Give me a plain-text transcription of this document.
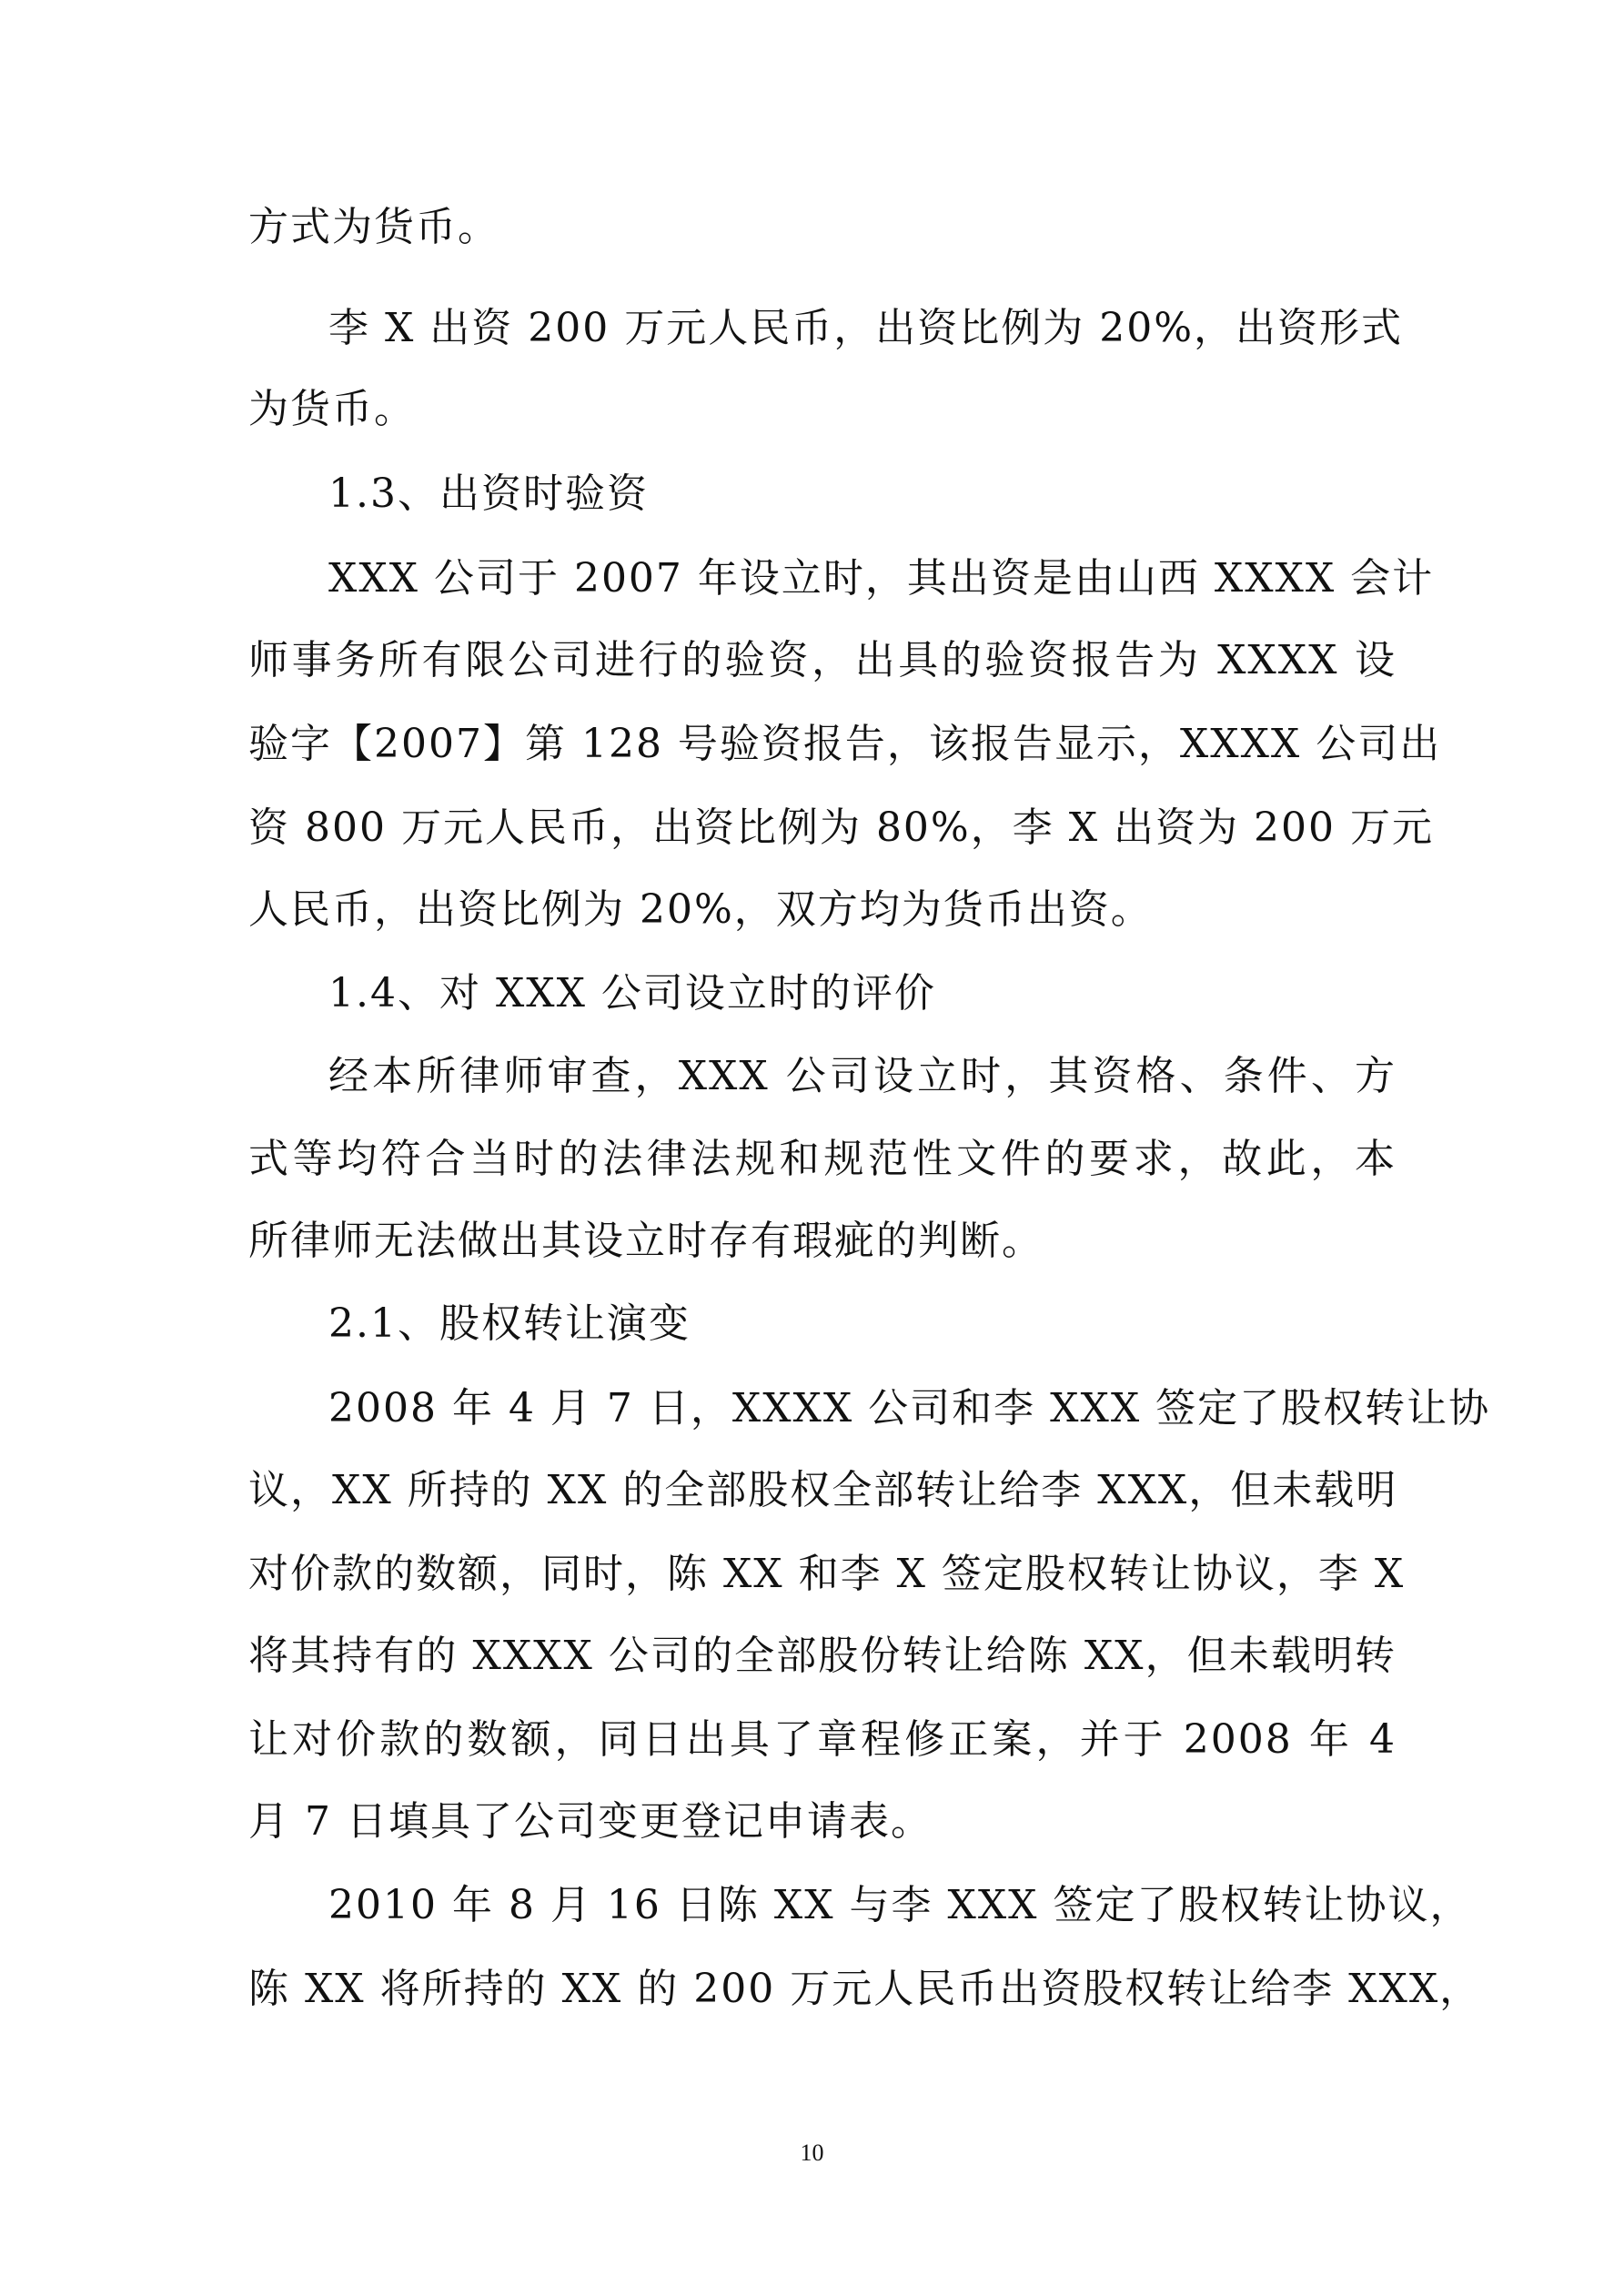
方式为货币。
李 X 出资 200 万元人民币，出资比例为 20%，出资形式
为货币。
1.3、出资时验资
XXX 公司于 2007 年设立时，其出资是由山西 XXXX 会计
师事务所有限公司进行的验资，出具的验资报告为 XXXX 设
验字【2007】第 128 号验资报告，该报告显示，XXXX 公司出
资 800 万元人民币，出资比例为 80%，李 X 出资为 200 万元
人民币，出资比例为 20%，双方均为货币出资。
1.4、对 XXX 公司设立时的评价
经本所律师审查，XXX 公司设立时，其资格、条件、方
式等均符合当时的法律法规和规范性文件的要求，故此，本
所律师无法做出其设立时存有瑕疵的判断。
2.1、股权转让演变
2008 年 4 月 7 日，XXXX 公司和李 XXX 签定了股权转让协
议，XX 所持的 XX 的全部股权全部转让给李 XXX，但未载明
对价款的数额，同时，陈 XX 和李 X 签定股权转让协议，李 X
将其持有的 XXXX 公司的全部股份转让给陈 XX，但未载明转
让对价款的数额，同日出具了章程修正案，并于 2008 年 4
月 7 日填具了公司变更登记申请表。
2010 年 8 月 16 日陈 XX 与李 XXX 签定了股权转让协议，
陈 XX 将所持的 XX 的 200 万元人民币出资股权转让给李 XXX，
10
